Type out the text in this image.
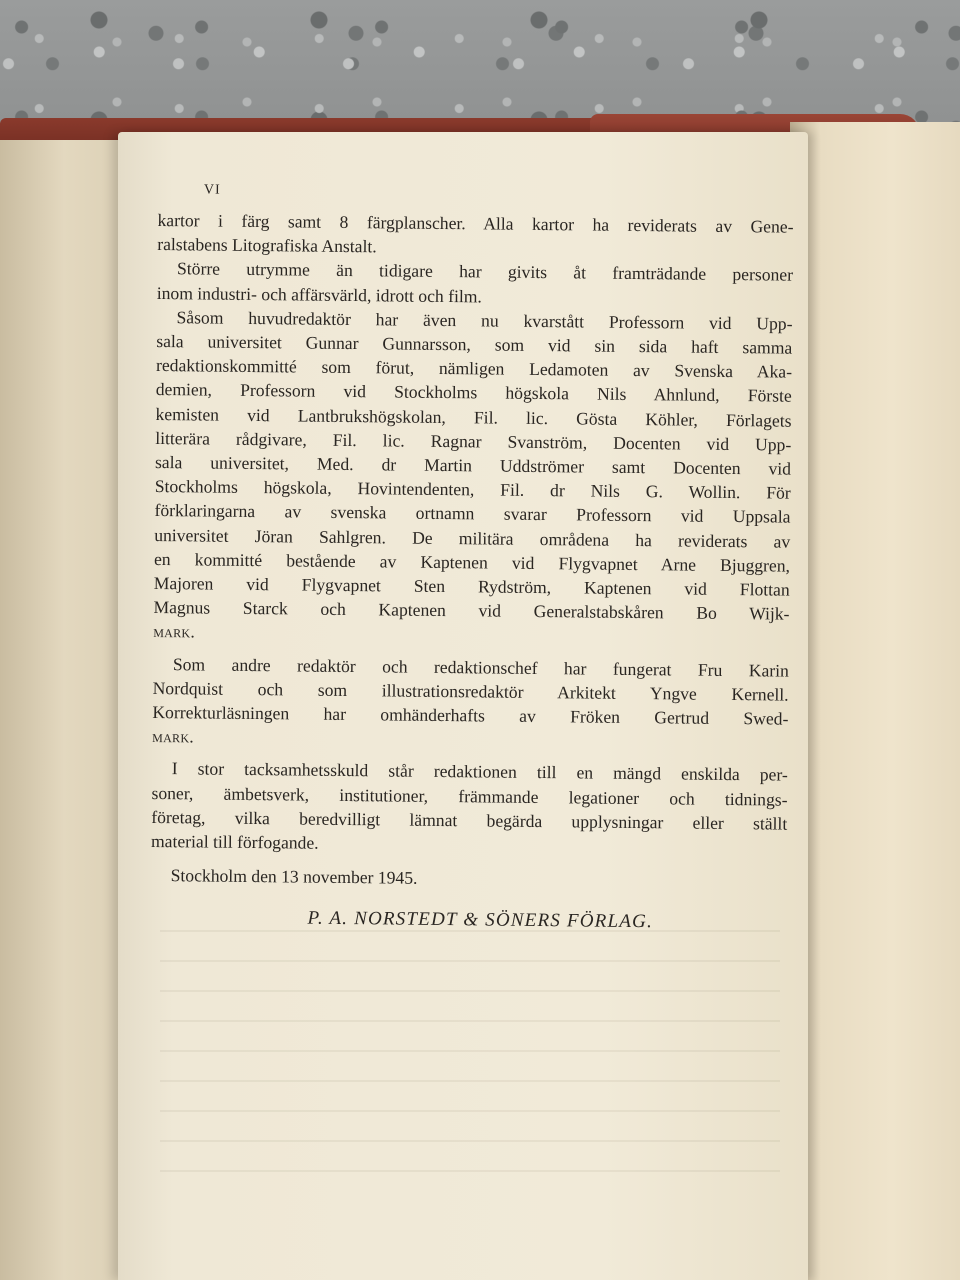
VI
kartor i färg samt 8 färgplanscher. Alla kartor ha reviderats av Gene-
ralstabens Litografiska Anstalt.
Större utrymme än tidigare har givits åt framträdande personer
inom industri- och affärsvärld, idrott och film.
Såsom huvudredaktör har även nu kvarstått Professorn vid Upp-
sala universitet Gunnar Gunnarsson, som vid sin sida haft samma
redaktionskommitté som förut, nämligen Ledamoten av Svenska Aka-
demien, Professorn vid Stockholms högskola Nils Ahnlund, Förste
kemisten vid Lantbrukshögskolan, Fil. lic. Gösta Köhler, Förlagets
litterära rådgivare, Fil. lic. Ragnar Svanström, Docenten vid Upp-
sala universitet, Med. dr Martin Uddströmer samt Docenten vid
Stockholms högskola, Hovintendenten, Fil. dr Nils G. Wollin. För
förklaringarna av svenska ortnamn svarar Professorn vid Uppsala
universitet Jöran Sahlgren. De militära områdena ha reviderats av
en kommitté bestående av Kaptenen vid Flygvapnet Arne Bjuggren,
Majoren vid Flygvapnet Sten Rydström, Kaptenen vid Flottan
Magnus Starck och Kaptenen vid Generalstabskåren Bo Wijk-
mark.
Som andre redaktör och redaktionschef har fungerat Fru Karin
Nordquist och som illustrationsredaktör Arkitekt Yngve Kernell.
Korrekturläsningen har omhänderhafts av Fröken Gertrud Swed-
mark.
I stor tacksamhetsskuld står redaktionen till en mängd enskilda per-
soner, ämbetsverk, institutioner, främmande legationer och tidnings-
företag, vilka beredvilligt lämnat begärda upplysningar eller ställt
material till förfogande.
Stockholm den 13 november 1945.
P. A. NORSTEDT & SÖNERS FÖRLAG.
